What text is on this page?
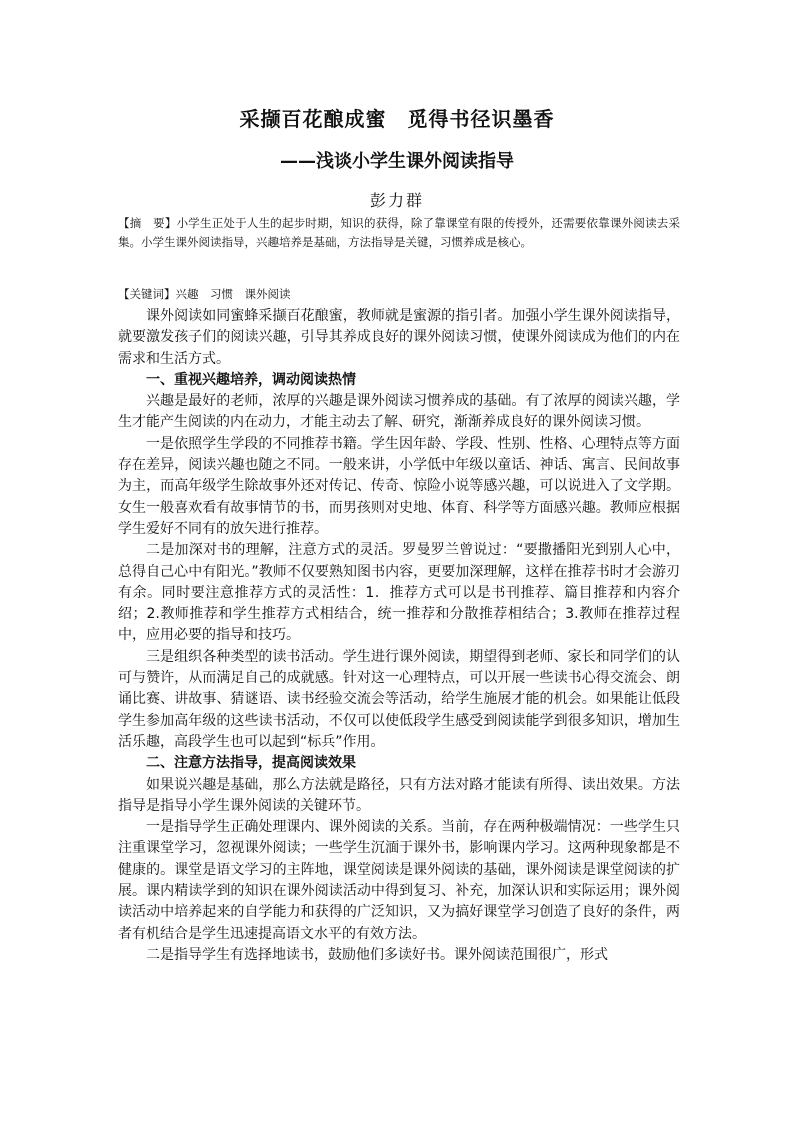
采撷百花酿成蜜　觅得书径识墨香
——浅谈小学生课外阅读指导
彭力群

【摘　要】小学生正处于人生的起步时期，知识的获得，除了靠课堂有限的传授外，还需要依靠课外阅读去采集。小学生课外阅读指导，兴趣培养是基础，方法指导是关键，习惯养成是核心。

【关键词】兴趣　习惯　课外阅读

课外阅读如同蜜蜂采撷百花酿蜜，教师就是蜜源的指引者。加强小学生课外阅读指导，就要激发孩子们的阅读兴趣，引导其养成良好的课外阅读习惯，使课外阅读成为他们的内在需求和生活方式。

一、重视兴趣培养，调动阅读热情

兴趣是最好的老师，浓厚的兴趣是课外阅读习惯养成的基础。有了浓厚的阅读兴趣，学生才能产生阅读的内在动力，才能主动去了解、研究，渐渐养成良好的课外阅读习惯。

一是依照学生学段的不同推荐书籍。学生因年龄、学段、性别、性格、心理特点等方面存在差异，阅读兴趣也随之不同。一般来讲，小学低中年级以童话、神话、寓言、民间故事为主，而高年级学生除故事外还对传记、传奇、惊险小说等感兴趣，可以说进入了文学期。女生一般喜欢看有故事情节的书，而男孩则对史地、体育、科学等方面感兴趣。教师应根据学生爱好不同有的放矢进行推荐。

二是加深对书的理解，注意方式的灵活。罗曼罗兰曾说过：“要撒播阳光到别人心中，总得自己心中有阳光。”教师不仅要熟知图书内容，更要加深理解，这样在推荐书时才会游刃有余。同时要注意推荐方式的灵活性：1．推荐方式可以是书刊推荐、篇目推荐和内容介绍；2.教师推荐和学生推荐方式相结合，统一推荐和分散推荐相结合；3.教师在推荐过程中，应用必要的指导和技巧。

三是组织各种类型的读书活动。学生进行课外阅读，期望得到老师、家长和同学们的认可与赞许，从而满足自己的成就感。针对这一心理特点，可以开展一些读书心得交流会、朗诵比赛、讲故事、猜谜语、读书经验交流会等活动，给学生施展才能的机会。如果能让低段学生参加高年级的这些读书活动，不仅可以使低段学生感受到阅读能学到很多知识，增加生活乐趣，高段学生也可以起到“标兵”作用。

二、注意方法指导，提高阅读效果

如果说兴趣是基础，那么方法就是路径，只有方法对路才能读有所得、读出效果。方法指导是指导小学生课外阅读的关键环节。

一是指导学生正确处理课内、课外阅读的关系。当前，存在两种极端情况：一些学生只注重课堂学习，忽视课外阅读；一些学生沉湎于课外书，影响课内学习。这两种现象都是不健康的。课堂是语文学习的主阵地，课堂阅读是课外阅读的基础，课外阅读是课堂阅读的扩展。课内精读学到的知识在课外阅读活动中得到复习、补充，加深认识和实际运用；课外阅读活动中培养起来的自学能力和获得的广泛知识，又为搞好课堂学习创造了良好的条件，两者有机结合是学生迅速提高语文水平的有效方法。

二是指导学生有选择地读书，鼓励他们多读好书。课外阅读范围很广，形式
